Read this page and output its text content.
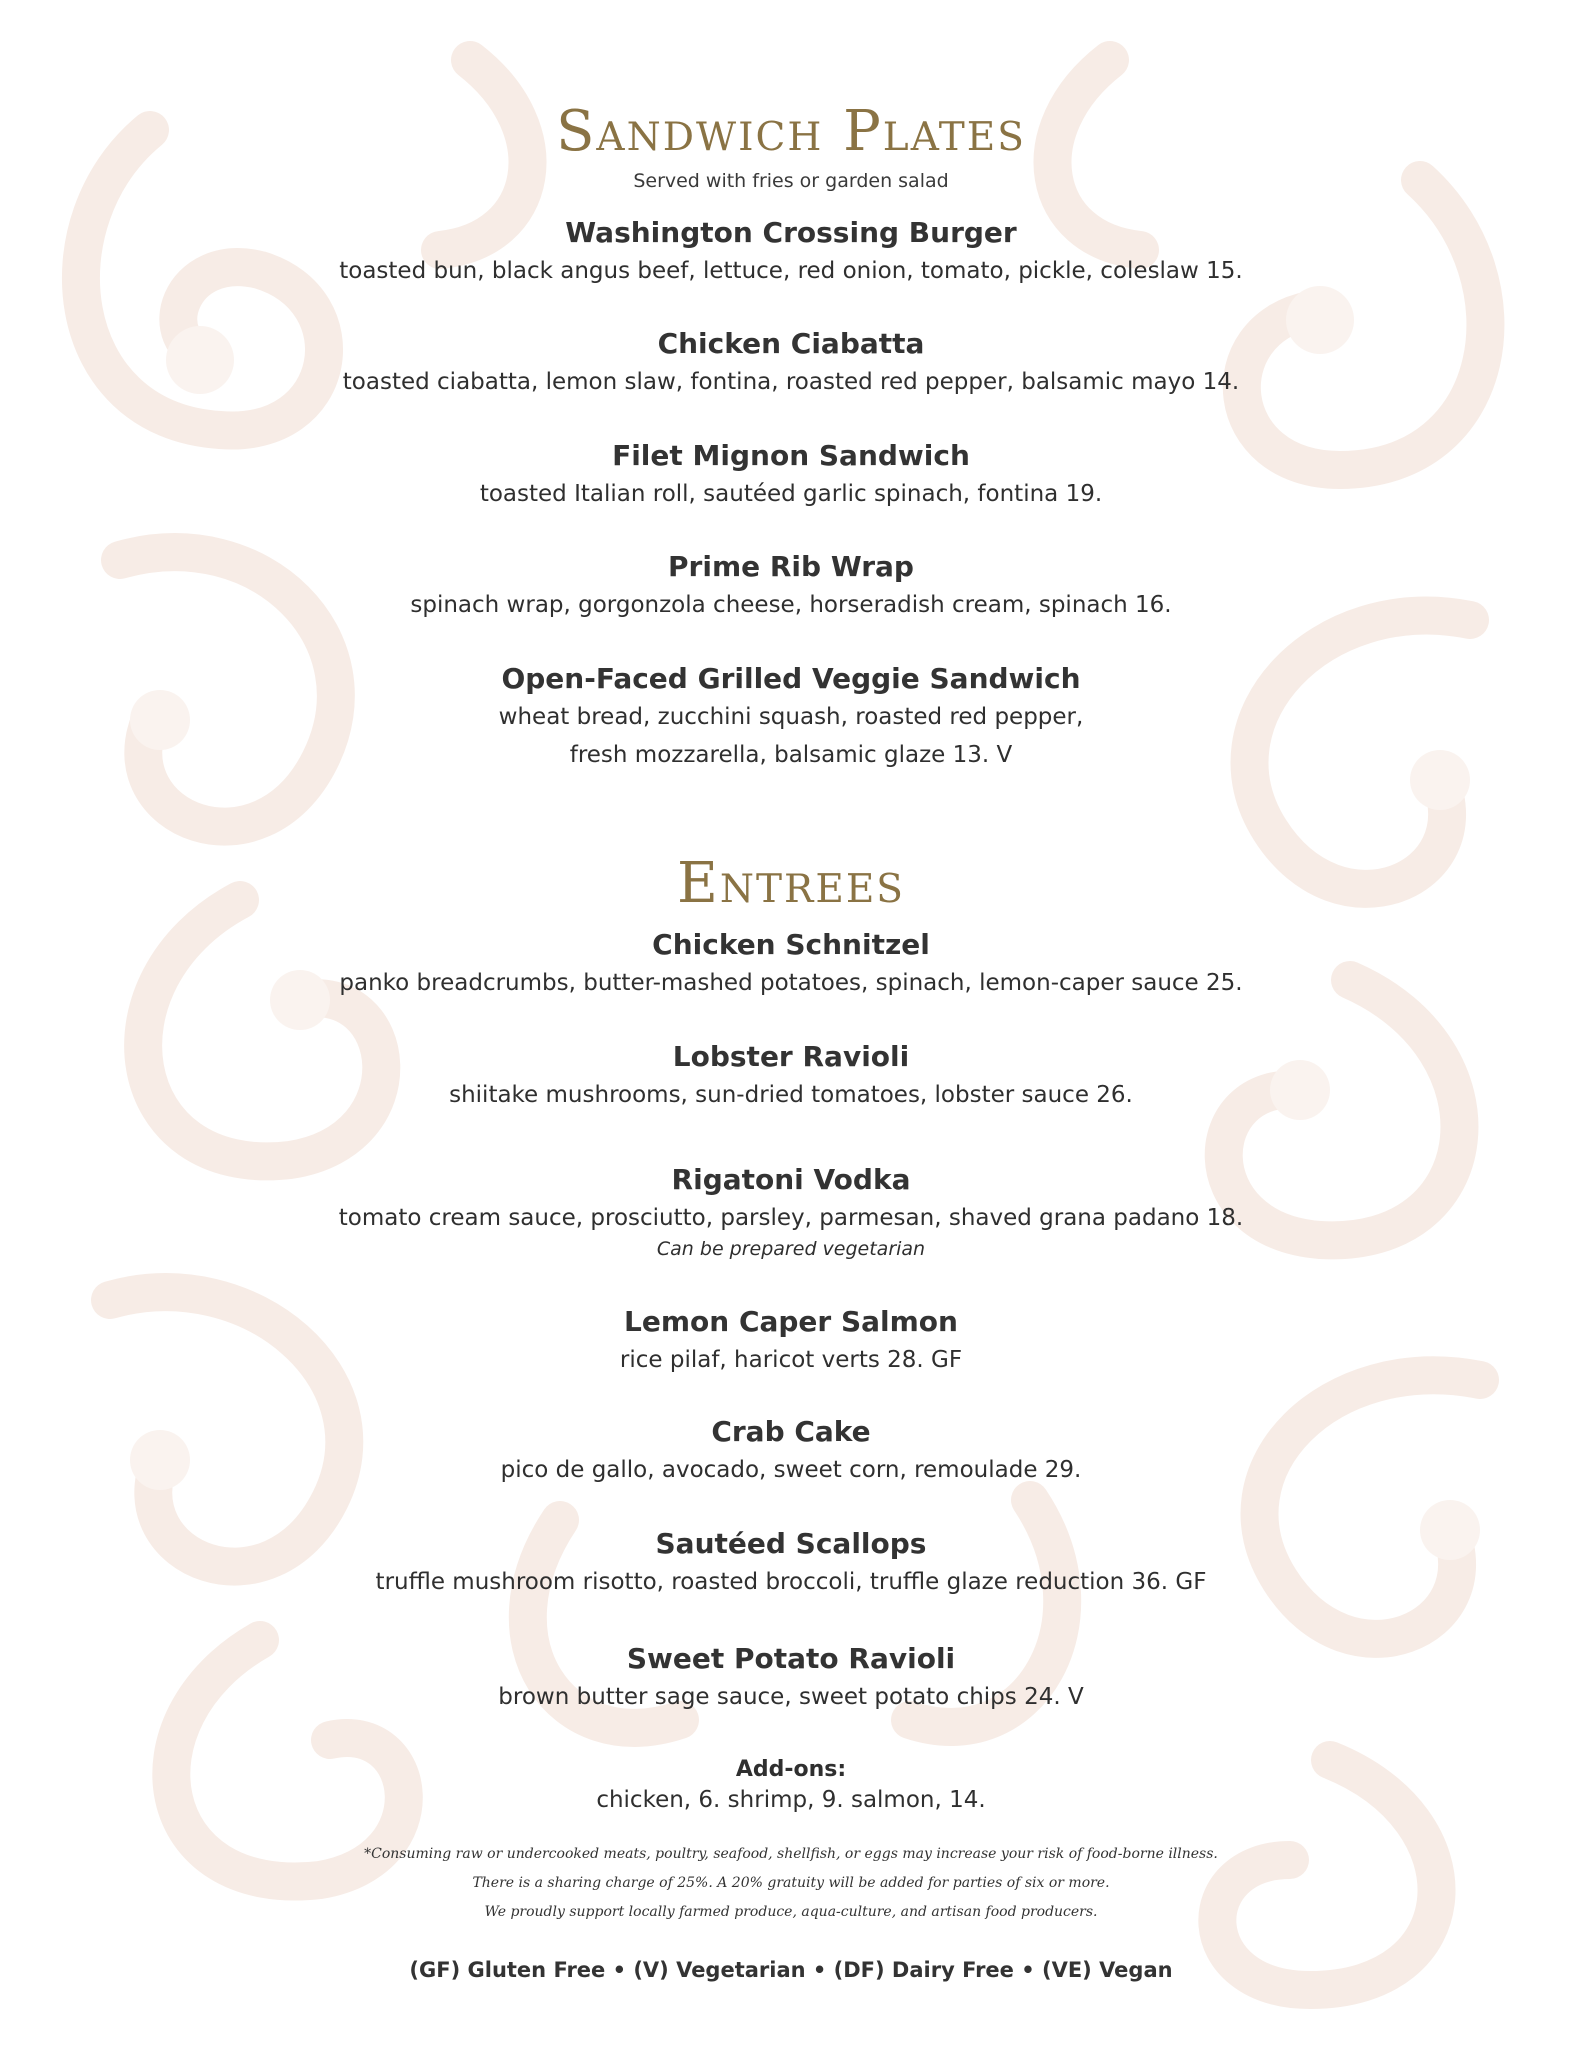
Sandwich Plates
Served with fries or garden salad
Washington Crossing Burger
toasted bun, black angus beef, lettuce, red onion, tomato, pickle, coleslaw 15.
Chicken Ciabatta
toasted ciabatta, lemon slaw, fontina, roasted red pepper, balsamic mayo 14.
Filet Mignon Sandwich
toasted Italian roll, sautéed garlic spinach, fontina 19.
Prime Rib Wrap
spinach wrap, gorgonzola cheese, horseradish cream, spinach 16.
Open-Faced Grilled Veggie Sandwich
wheat bread, zucchini squash, roasted red pepper,
fresh mozzarella, balsamic glaze 13. V
Entrees
Chicken Schnitzel
panko breadcrumbs, butter-mashed potatoes, spinach, lemon-caper sauce 25.
Lobster Ravioli
shiitake mushrooms, sun-dried tomatoes, lobster sauce 26.
Rigatoni Vodka
tomato cream sauce, prosciutto, parsley, parmesan, shaved grana padano 18.
Can be prepared vegetarian
Lemon Caper Salmon
rice pilaf, haricot verts 28. GF
Crab Cake
pico de gallo, avocado, sweet corn, remoulade 29.
Sautéed Scallops
truffle mushroom risotto, roasted broccoli, truffle glaze reduction 36. GF
Sweet Potato Ravioli
brown butter sage sauce, sweet potato chips 24. V
Add-ons:
chicken, 6. shrimp, 9. salmon, 14.
*Consuming raw or undercooked meats, poultry, seafood, shellfish, or eggs may increase your risk of food-borne illness.
There is a sharing charge of 25%. A 20% gratuity will be added for parties of six or more.
We proudly support locally farmed produce, aqua-culture, and artisan food producers.
(GF) Gluten Free • (V) Vegetarian • (DF) Dairy Free • (VE) Vegan
